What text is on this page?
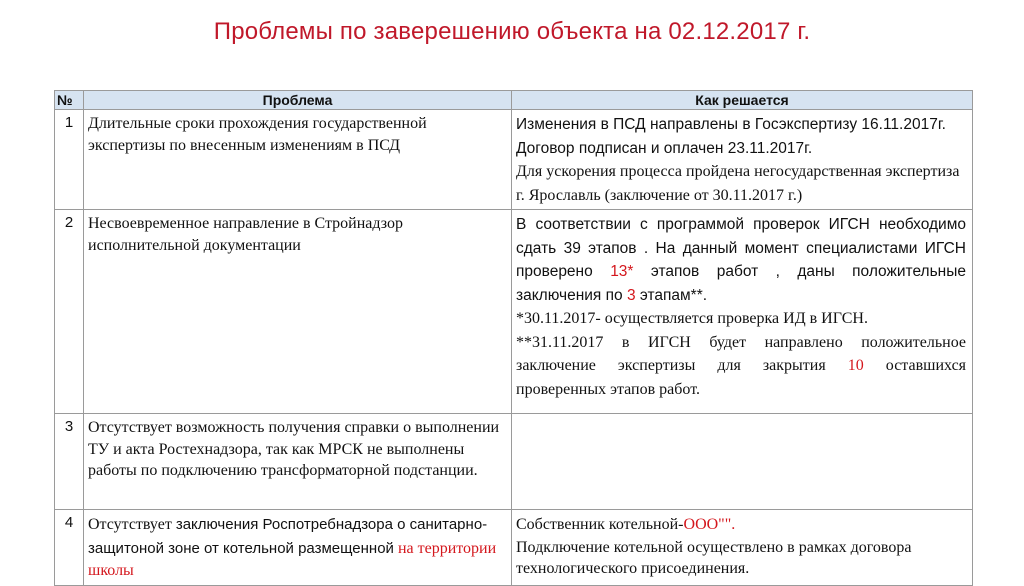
Проблемы по заверешению объекта на 02.12.2017 г.
№	Проблема	Как решается
1	Длительные сроки прохождения государственной экспертизы по внесенным изменениям в ПСД	Изменения в ПСД направлены в Госэкспертизу 16.11.2017г. Договор подписан и оплачен 23.11.2017г.
Для ускорения процесса пройдена негосударственная экспертиза г. Ярославль (заключение от 30.11.2017 г.)

2	Несвоевременное направление в Стройнадзор исполнительной документации	В соответствии с программой проверок ИГСН необходимо сдать 39 этапов . На данный момент специалистами ИГСН проверено 13* этапов работ , даны положительные заключения по 3 этапам**.
*30.11.2017- осуществляется проверка ИД в ИГСН.
**31.11.2017 в ИГСН будет направлено положительное заключение экспертизы для закрытия 10 оставшихся проверенных этапов работ.

3	Отсутствует возможность получения справки о выполнении ТУ и акта Ростехнадзора, так как МРСК не выполнены работы по подключению трансформаторной подстанции.	
4	Отсутствует заключения Роспотребнадзора о санитарно-защитоной зоне от котельной размещенной на территории школы	Собственник котельной-ООО"".
Подключение котельной осуществлено в рамках договора технологического присоединения.
